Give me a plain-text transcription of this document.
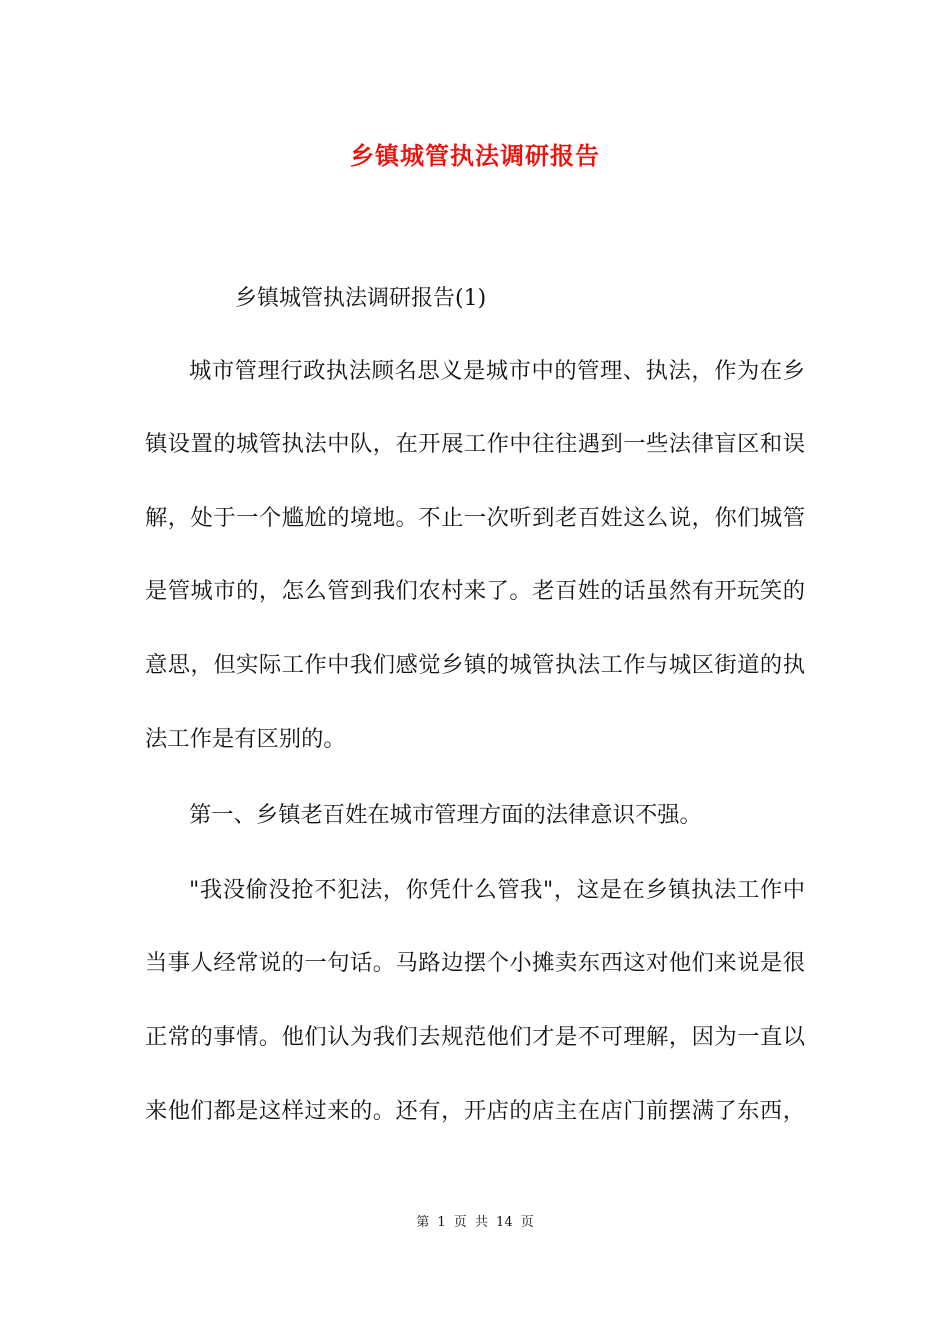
乡镇城管执法调研报告
乡镇城管执法调研报告(1)
城市管理行政执法顾名思义是城市中的管理、执法，作为在乡
镇设置的城管执法中队，在开展工作中往往遇到一些法律盲区和误
解，处于一个尴尬的境地。不止一次听到老百姓这么说，你们城管
是管城市的，怎么管到我们农村来了。老百姓的话虽然有开玩笑的
意思，但实际工作中我们感觉乡镇的城管执法工作与城区街道的执
法工作是有区别的。
第一、乡镇老百姓在城市管理方面的法律意识不强。
"我没偷没抢不犯法，你凭什么管我"，这是在乡镇执法工作中
当事人经常说的一句话。马路边摆个小摊卖东西这对他们来说是很
正常的事情。他们认为我们去规范他们才是不可理解，因为一直以
来他们都是这样过来的。还有，开店的店主在店门前摆满了东西，
第 1 页 共 14 页
